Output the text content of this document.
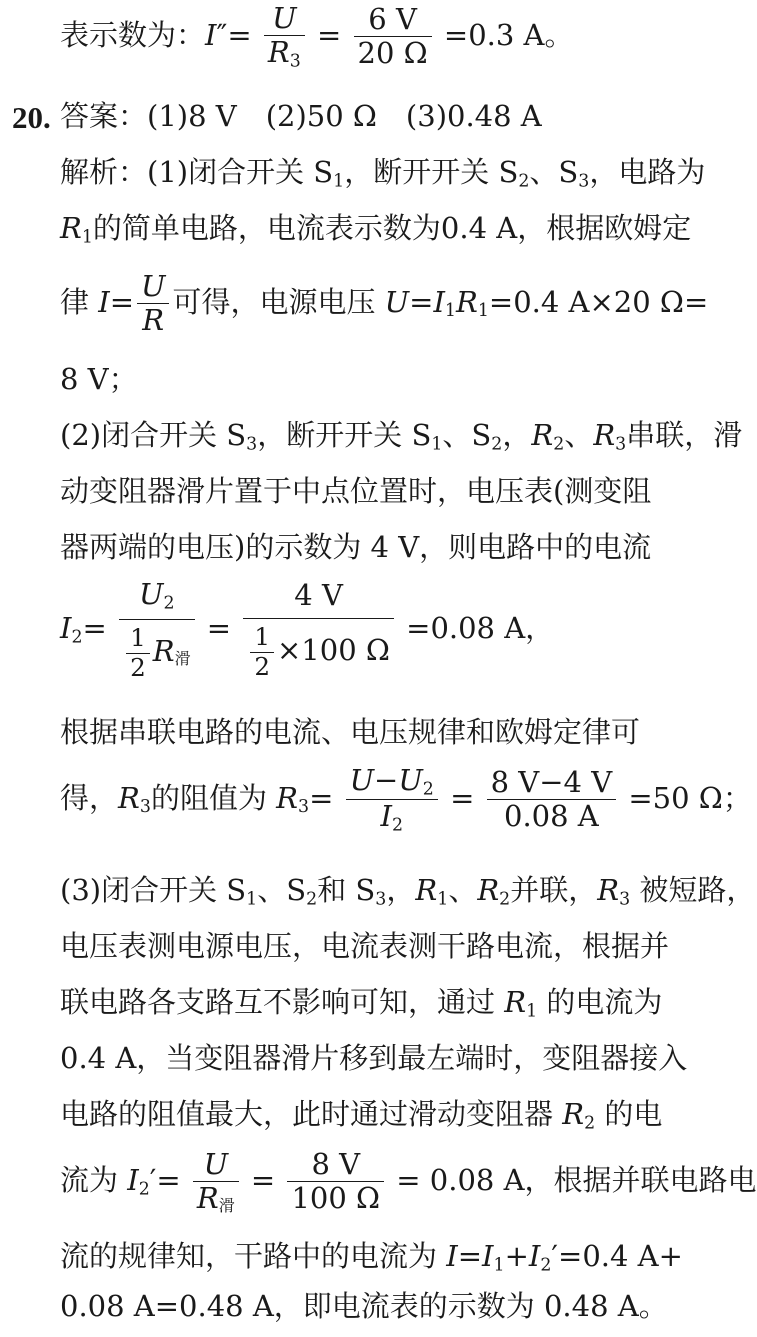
表示数为：$I''= \frac{U}{R_3} = \frac{6 V}{20 \Omega} =0.3$ A。
20. 答案：(1)8 V　(2)50 Ω　(3)0.48 A
解析：(1)闭合开关 $S_1$，断开开关 $S_2$、$S_3$，电路为
$R_1$的简单电路，电流表示数为0.4 A，根据欧姆定
律 $I= \frac{U}{R}$ 可得，电源电压 $U=I_1R_1=0.4$ A×20 Ω=
8 V；
(2)闭合开关 $S_3$，断开开关 $S_1$、$S_2$，$R_2$、$R_3$串联，滑
动变阻器滑片置于中点位置时，电压表(测变阻
器两端的电压)的示数为 4 V，则电路中的电流
$I_2= \frac{U_2}{\frac{1}{2} R滑} = \frac{4 V}{\frac{1}{2} \times 100 \Omega} =0.08$ A，
根据串联电路的电流、电压规律和欧姆定律可
得，$R_3$的阻值为 $R_3= \frac{U-U_2}{I_2} = \frac{8 V-4 V}{0.08 A} =50$ Ω；
(3)闭合开关 $S_1$、$S_2$和 $S_3$，$R_1$、$R_2$并联，$R_3$ 被短路，
电压表测电源电压，电流表测干路电流，根据并
联电路各支路互不影响可知，通过 $R_1$ 的电流为
0.4 A，当变阻器滑片移到最左端时，变阻器接入
电路的阻值最大，此时通过滑动变阻器 $R_2$ 的电
流为 $I_2'= \frac{U}{\text{R滑}} = \frac{8 V}{100 \Omega} = 0.08$ A，根据并联电路电
流的规律知，干路中的电流为 $I=I_1+I_2'=0.4$ A+
0.08 A=0.48 A，即电流表的示数为 0.48 A。
